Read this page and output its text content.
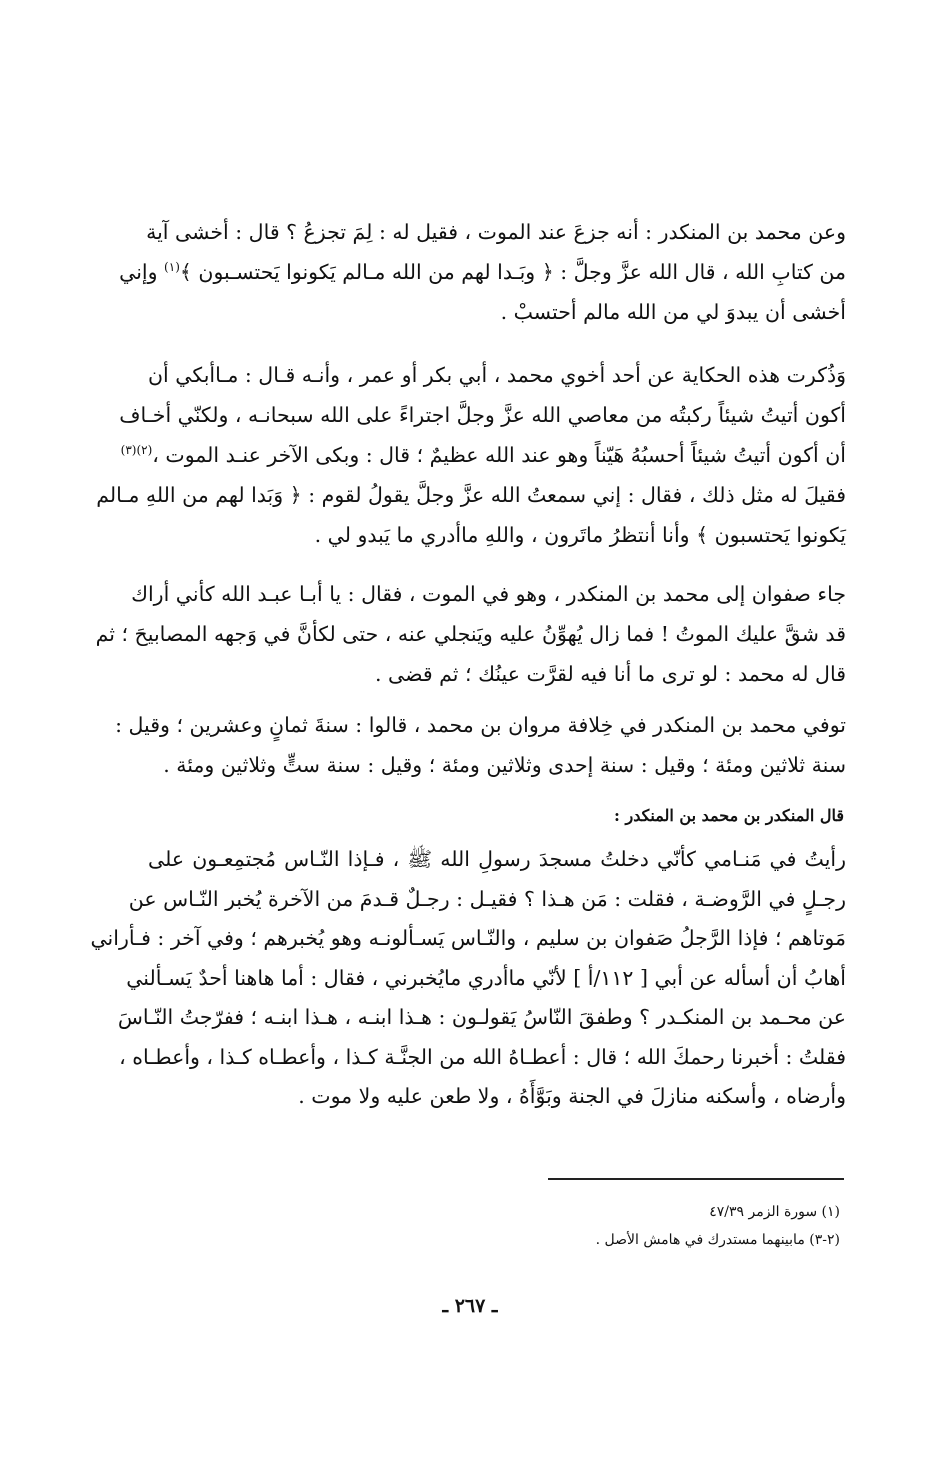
وعن محمد بن المنكدر : أنه جزعَ عند الموت ، فقيل له : لِمَ تجزعُ ؟ قال : أخشى آية
من كتابِ الله ، قال الله عزَّ وجلَّ : ﴿ وبَـدا لهم من الله مـالم يَكونوا يَحتسـبون ﴾$^{(١)}$ وإني
أخشى أن يبدوَ لي من الله مالم أحتسبْ .
وَذُكرت هذه الحكاية عن أحد أخوي محمد ، أبي بكر أو عمر ، وأنـه قـال : مـاأبكي أن
أكون أتيتُ شيئاً ركبتُه من معاصي الله عزَّ وجلَّ اجتراءً على الله سبحانـه ، ولكنّي أخـاف
أن أكون أتيتُ شيئاً أحسبُهُ هَيّناً وهو عند الله عظيمٌ ؛ قال : وبكى الآخر عنـد الموت ،$^{(٢)(٣)}$
فقيلَ له مثل ذلك ، فقال : إني سمعتُ الله عزَّ وجلَّ يقولُ لقوم : ﴿ وَبَدا لهم من اللهِ مـالم
يَكونوا يَحتسبون ﴾ وأنا أنتظرُ ماتَرون ، واللهِ ماأدري ما يَبدو لي .
جاء صفوان إلى محمد بن المنكدر ، وهو في الموت ، فقال : يا أبـا عبـد الله كأني أراك
قد شقَّ عليك الموتُ ! فما زال يُهوِّنُ عليه ويَنجلي عنه ، حتى لكأنَّ في وَجهه المصابيحَ ؛ ثم
قال له محمد : لو ترى ما أنا فيه لقرَّت عينُك ؛ ثم قضى .
توفي محمد بن المنكدر في خِلافة مروان بن محمد ، قالوا : سنةَ ثمانٍ وعشرين ؛ وقيل :
سنة ثلاثين ومئة ؛ وقيل : سنة إحدى وثلاثين ومئة ؛ وقيل : سنة ستٍّ وثلاثين ومئة .
قال المنكدر بن محمد بن المنكدر :
رأيتُ في مَنـامي كأنّي دخلتُ مسجدَ رسولِ الله ﷺ ، فـإذا النّـاس مُجتمِعـون على
رجـلٍ في الرَّوضـة ، فقلت : مَن هـذا ؟ فقيـل : رجـلٌ قـدمَ من الآخرة يُخبر النّـاس عن
مَوتاهم ؛ فإذا الرَّجلُ صَفوان بن سليم ، والنّـاس يَسـألونـه وهو يُخبرهم ؛ وفي آخر : فـأراني
أهابُ أن أسأله عن أبي [ ١١٢/أ ] لأنّي ماأدري مايُخبرني ، فقال : أما هاهنا أحدٌ يَسـألني
عن محـمد بن المنكـدر ؟ وطفقَ النّاسُ يَقولـون : هـذا ابنـه ، هـذا ابنـه ؛ ففرّجتُ النّـاسَ
فقلتُ : أخبرنا رحمكَ الله ؛ قال : أعطـاهُ الله من الجنَّـة كـذا ، وأعطـاه كـذا ، وأعطـاه ،
وأرضاه ، وأسكنه منازلَ في الجنة وبَوَّأَهُ ، ولا طعن عليه ولا موت .
(١) سورة الزمر ٤٧/٣٩
(٢-٣) مابينهما مستدرك في هامش الأصل .
ـ ٢٦٧ ـ
